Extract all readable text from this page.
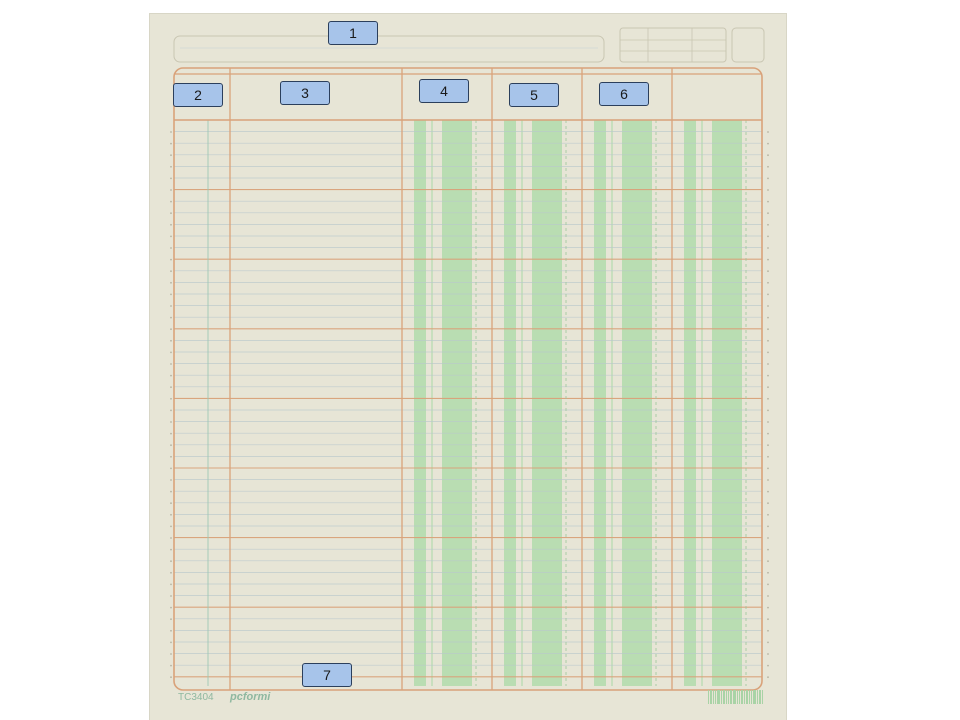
TC3404 pcformi
1
2	3	4	5	6
7
